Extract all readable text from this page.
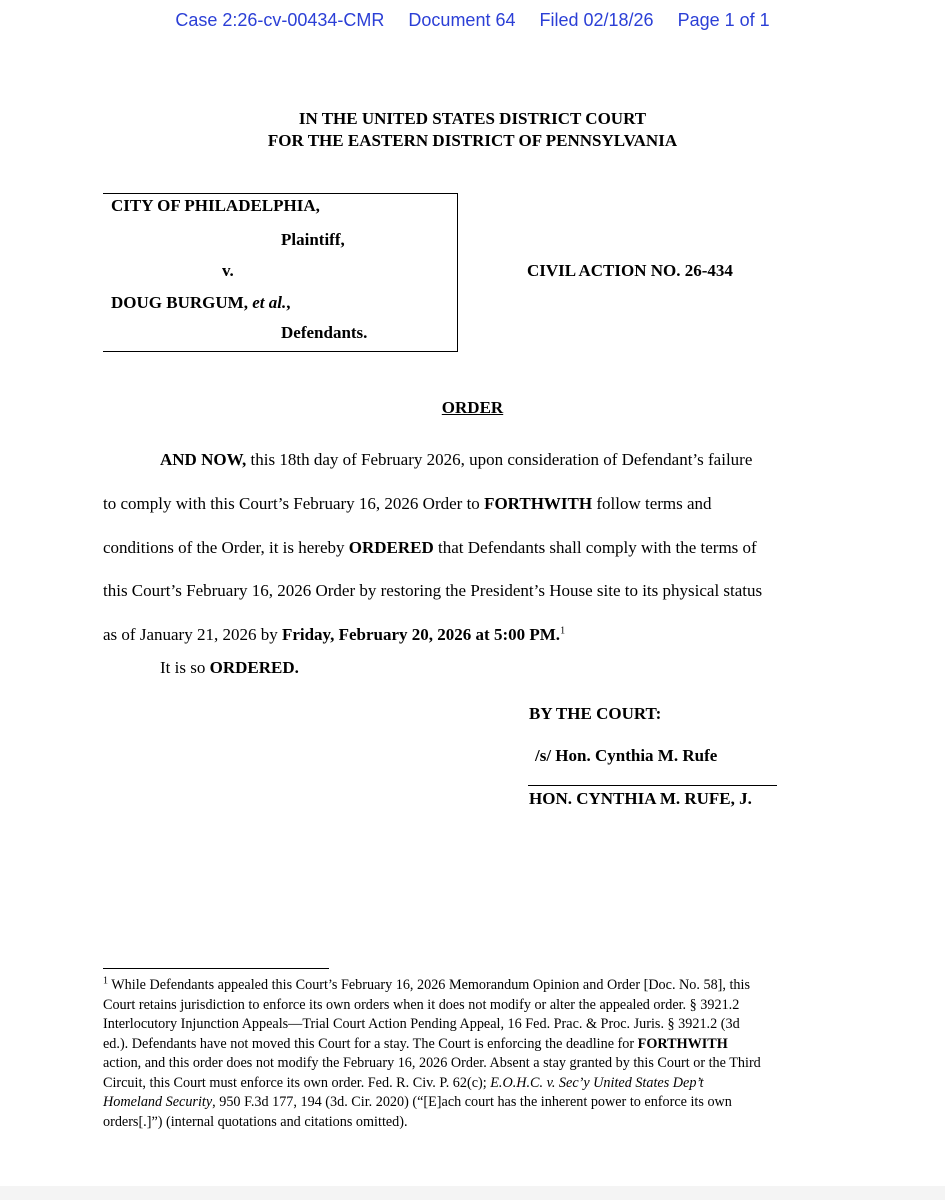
Case 2:26-cv-00434-CMR Document 64 Filed 02/18/26 Page 1 of 1
IN THE UNITED STATES DISTRICT COURT
FOR THE EASTERN DISTRICT OF PENNSYLVANIA
CITY OF PHILADELPHIA,
Plaintiff,
v.
DOUG BURGUM, et al.,
Defendants.
CIVIL ACTION NO. 26-434
ORDER
AND NOW, this 18th day of February 2026, upon consideration of Defendant’s failure
to comply with this Court’s February 16, 2026 Order to FORTHWITH follow terms and
conditions of the Order, it is hereby ORDERED that Defendants shall comply with the terms of
this Court’s February 16, 2026 Order by restoring the President’s House site to its physical status
as of January 21, 2026 by Friday, February 20, 2026 at 5:00 PM.$^1$
It is so ORDERED.
BY THE COURT:
/s/ Hon. Cynthia M. Rufe
HON. CYNTHIA M. RUFE, J.
$^1$ While Defendants appealed this Court’s February 16, 2026 Memorandum Opinion and Order [Doc. No. 58], this
Court retains jurisdiction to enforce its own orders when it does not modify or alter the appealed order. § 3921.2
Interlocutory Injunction Appeals—Trial Court Action Pending Appeal, 16 Fed. Prac. & Proc. Juris. § 3921.2 (3d
ed.). Defendants have not moved this Court for a stay. The Court is enforcing the deadline for FORTHWITH
action, and this order does not modify the February 16, 2026 Order. Absent a stay granted by this Court or the Third
Circuit, this Court must enforce its own order. Fed. R. Civ. P. 62(c); E.O.H.C. v. Sec’y United States Dep’t
Homeland Security, 950 F.3d 177, 194 (3d. Cir. 2020) (“[E]ach court has the inherent power to enforce its own
orders[.]”) (internal quotations and citations omitted).
